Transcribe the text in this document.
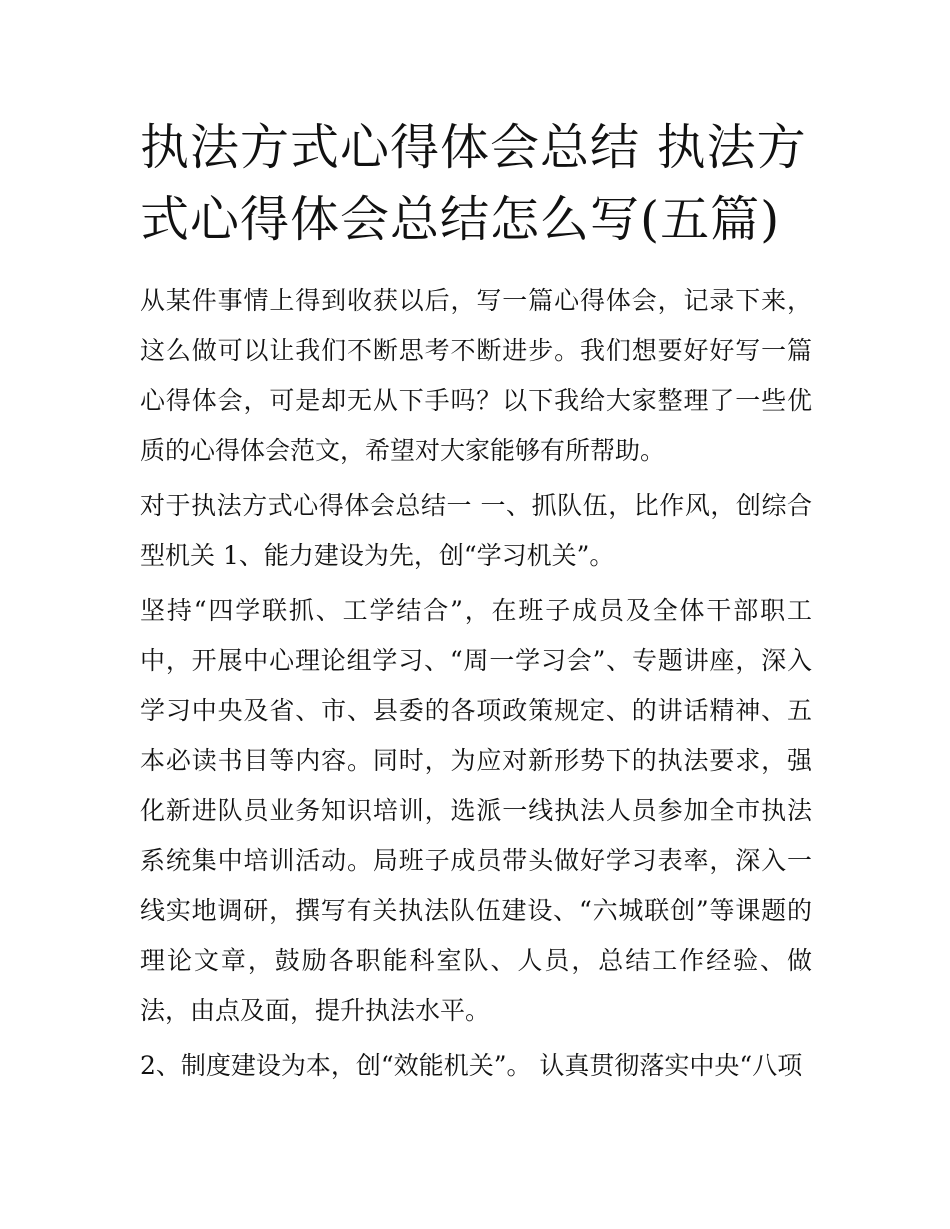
执法方式心得体会总结 执法方式心得体会总结怎么写(五篇)

从某件事情上得到收获以后，写一篇心得体会，记录下来，这么做可以让我们不断思考不断进步。我们想要好好写一篇心得体会，可是却无从下手吗？以下我给大家整理了一些优质的心得体会范文，希望对大家能够有所帮助。

对于执法方式心得体会总结一 一、抓队伍，比作风，创综合型机关 1、能力建设为先，创“学习机关”。

坚持“四学联抓、工学结合”，在班子成员及全体干部职工中，开展中心理论组学习、“周一学习会”、专题讲座，深入学习中央及省、市、县委的各项政策规定、的讲话精神、五本必读书目等内容。同时，为应对新形势下的执法要求，强化新进队员业务知识培训，选派一线执法人员参加全市执法系统集中培训活动。局班子成员带头做好学习表率，深入一线实地调研，撰写有关执法队伍建设、“六城联创”等课题的理论文章，鼓励各职能科室队、人员，总结工作经验、做法，由点及面，提升执法水平。

2、制度建设为本，创“效能机关”。 认真贯彻落实中央“八项
